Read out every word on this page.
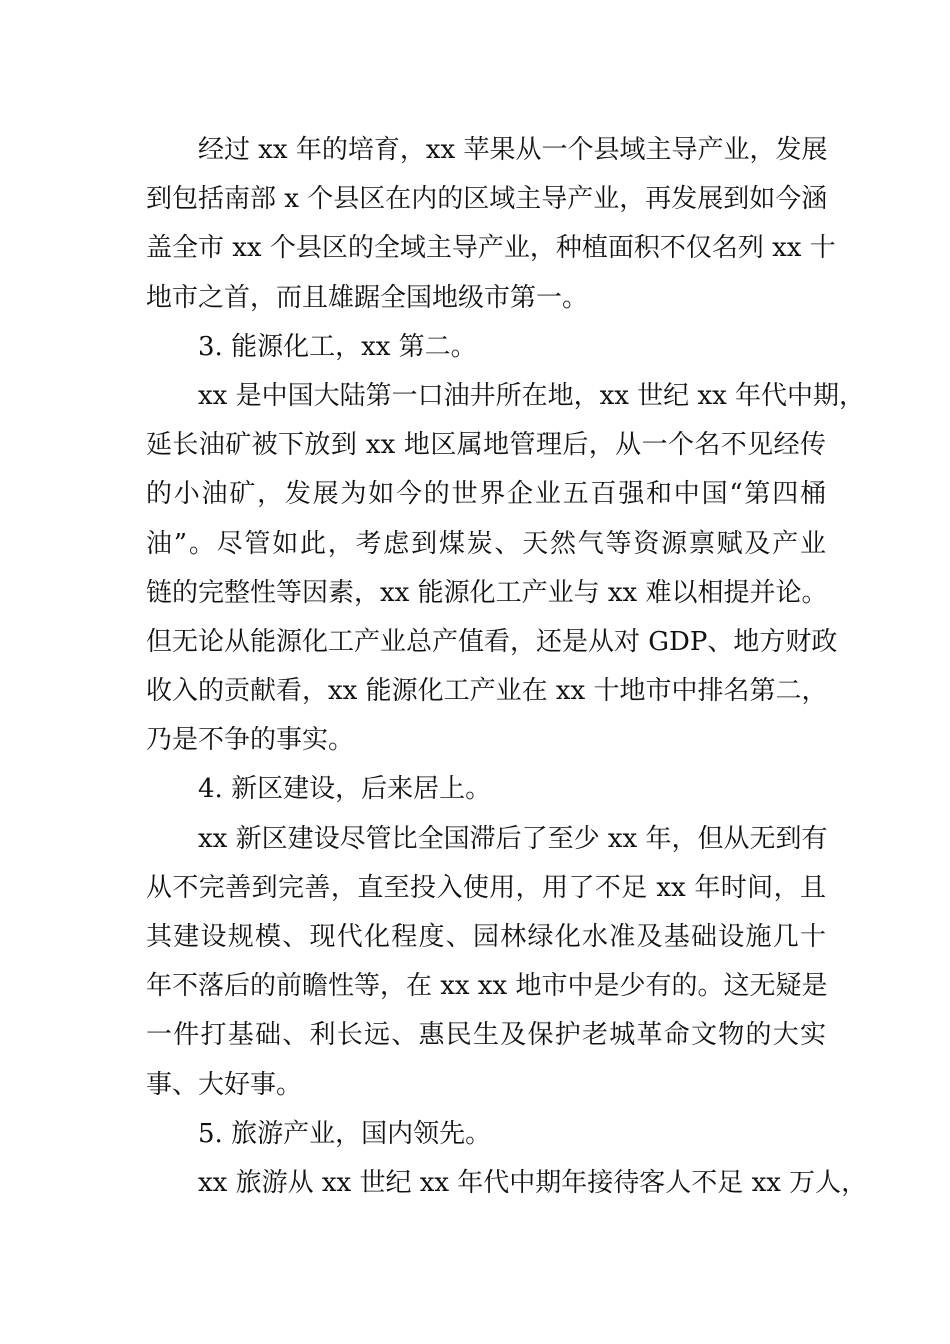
经过 xx 年的培育，xx 苹果从一个县域主导产业，发展
到包括南部 x 个县区在内的区域主导产业，再发展到如今涵
盖全市 xx 个县区的全域主导产业，种植面积不仅名列 xx 十
地市之首，而且雄踞全国地级市第一。
3. 能源化工，xx 第二。
xx 是中国大陆第一口油井所在地，xx 世纪 xx 年代中期，
延长油矿被下放到 xx 地区属地管理后，从一个名不见经传
的小油矿，发展为如今的世界企业五百强和中国“第四桶
油”。尽管如此，考虑到煤炭、天然气等资源禀赋及产业
链的完整性等因素，xx 能源化工产业与 xx 难以相提并论。
但无论从能源化工产业总产值看，还是从对 GDP、地方财政
收入的贡献看，xx 能源化工产业在 xx 十地市中排名第二，
乃是不争的事实。
4. 新区建设，后来居上。
xx 新区建设尽管比全国滞后了至少 xx 年，但从无到有
从不完善到完善，直至投入使用，用了不足 xx 年时间，且
其建设规模、现代化程度、园林绿化水准及基础设施几十
年不落后的前瞻性等，在 xx xx 地市中是少有的。这无疑是
一件打基础、利长远、惠民生及保护老城革命文物的大实
事、大好事。
5. 旅游产业，国内领先。
xx 旅游从 xx 世纪 xx 年代中期年接待客人不足 xx 万人，
